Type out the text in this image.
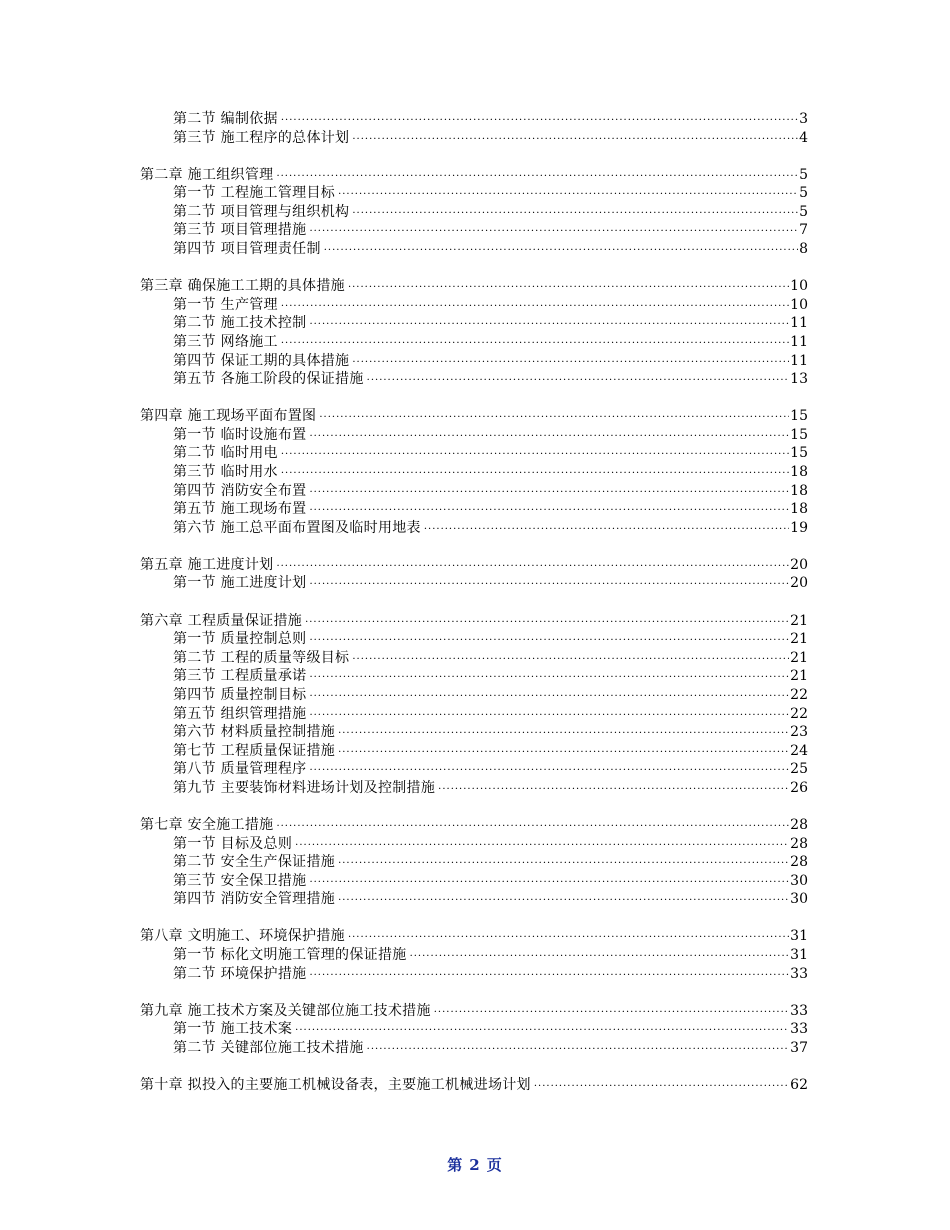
第二节 编制依据 ·····	3
第三节 施工程序的总体计划 ·····	4
第二章 施工组织管理 ·····	5
第一节 工程施工管理目标 ·····	5
第二节 项目管理与组织机构 ·····	5
第三节 项目管理措施 ·····	7
第四节 项目管理责任制 ·····	8
第三章 确保施工工期的具体措施 ·····	10
第一节 生产管理 ·····	10
第二节 施工技术控制 ·····	11
第三节 网络施工 ·····	11
第四节 保证工期的具体措施 ·····	11
第五节 各施工阶段的保证措施 ·····	13
第四章 施工现场平面布置图 ·····	15
第一节 临时设施布置 ·····	15
第二节 临时用电 ·····	15
第三节 临时用水 ·····	18
第四节 消防安全布置 ·····	18
第五节 施工现场布置 ·····	18
第六节 施工总平面布置图及临时用地表 ·····	19
第五章 施工进度计划 ·····	20
第一节 施工进度计划 ·····	20
第六章 工程质量保证措施 ·····	21
第一节 质量控制总则 ·····	21
第二节 工程的质量等级目标 ·····	21
第三节 工程质量承诺 ·····	21
第四节 质量控制目标 ·····	22
第五节 组织管理措施 ·····	22
第六节 材料质量控制措施 ·····	23
第七节 工程质量保证措施 ·····	24
第八节 质量管理程序 ·····	25
第九节 主要装饰材料进场计划及控制措施 ·····	26
第七章 安全施工措施 ·····	28
第一节 目标及总则 ·····	28
第二节 安全生产保证措施 ·····	28
第三节 安全保卫措施 ·····	30
第四节 消防安全管理措施 ·····	30
第八章 文明施工、环境保护措施 ·····	31
第一节 标化文明施工管理的保证措施 ·····	31
第二节 环境保护措施 ·····	33
第九章 施工技术方案及关键部位施工技术措施 ·····	33
第一节 施工技术案 ·····	33
第二节 关键部位施工技术措施 ·····	37
第十章 拟投入的主要施工机械设备表，主要施工机械进场计划 ·····	62
第 2 页
